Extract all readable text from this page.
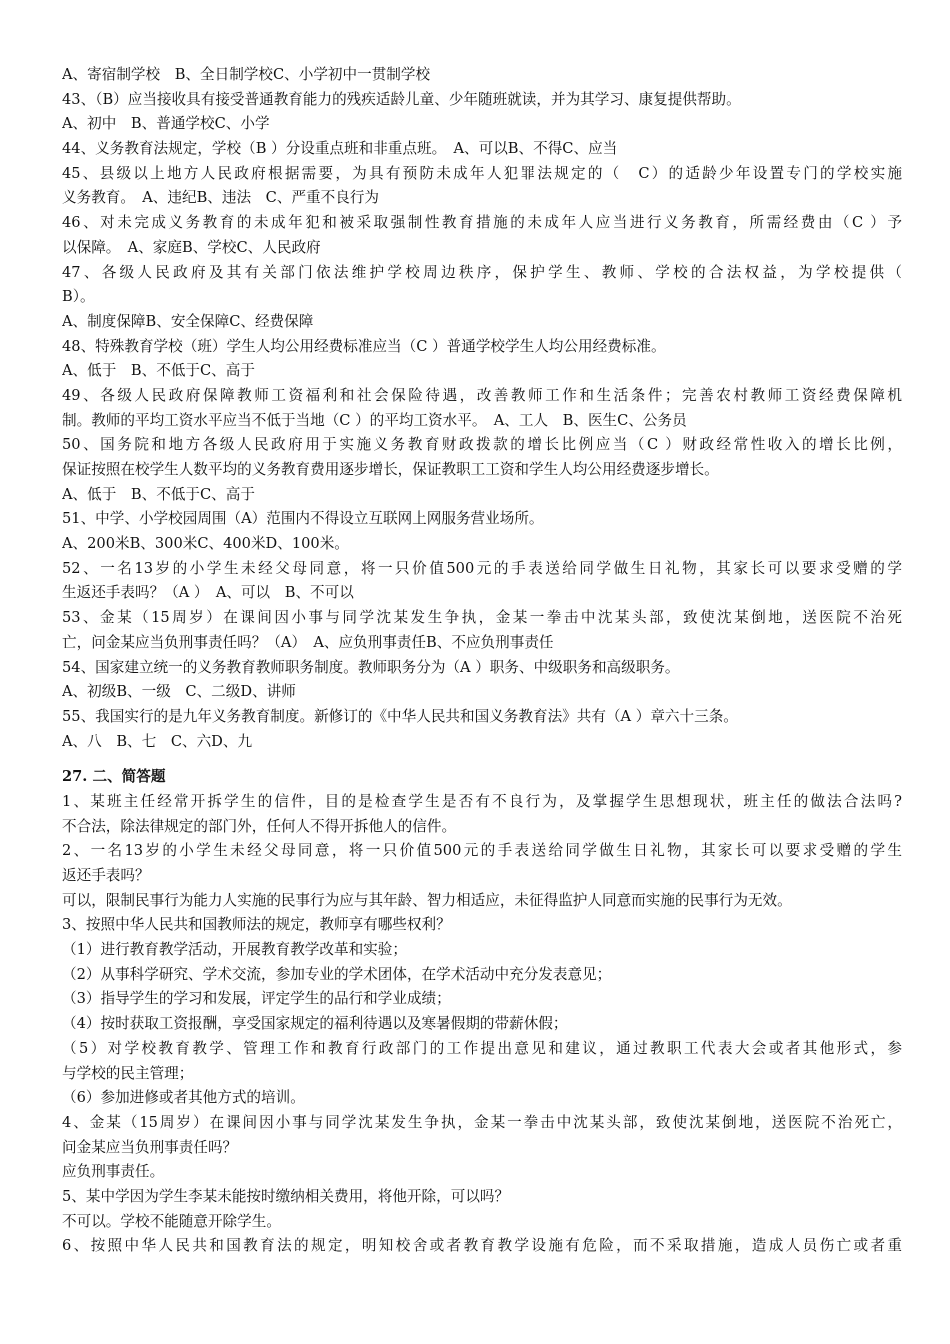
A、寄宿制学校　B、全日制学校C、小学初中一贯制学校
43、（B）应当接收具有接受普通教育能力的残疾适龄儿童、少年随班就读，并为其学习、康复提供帮助。
A、初中　B、普通学校C、小学
44、义务教育法规定，学校（B ）分设重点班和非重点班。　A、可以B、不得C、应当
45、县级以上地方人民政府根据需要，为具有预防未成年人犯罪法规定的（　C）的适龄少年设置专门的学校实施
义务教育。　A、违纪B、违法　C、严重不良行为
46、对未完成义务教育的未成年犯和被采取强制性教育措施的未成年人应当进行义务教育，所需经费由（C ）予
以保障。　A、家庭B、学校C、人民政府
47、各级人民政府及其有关部门依法维护学校周边秩序，保护学生、教师、学校的合法权益，为学校提供（
B）。
A、制度保障B、安全保障C、经费保障
48、特殊教育学校（班）学生人均公用经费标准应当（C ）普通学校学生人均公用经费标准。
A、低于　B、不低于C、高于
49、各级人民政府保障教师工资福利和社会保险待遇，改善教师工作和生活条件；完善农村教师工资经费保障机
制。教师的平均工资水平应当不低于当地（C ）的平均工资水平。　A、工人　B、医生C、公务员
50、国务院和地方各级人民政府用于实施义务教育财政拨款的增长比例应当（C ）财政经常性收入的增长比例，
保证按照在校学生人数平均的义务教育费用逐步增长，保证教职工工资和学生人均公用经费逐步增长。
A、低于　B、不低于C、高于
51、中学、小学校园周围（A）范围内不得设立互联网上网服务营业场所。
A、200米B、300米C、400米D、100米。
52、一名13岁的小学生未经父母同意，将一只价值500元的手表送给同学做生日礼物，其家长可以要求受赠的学
生返还手表吗？（A ）　A、可以　B、不可以
53、金某（15周岁）在课间因小事与同学沈某发生争执，金某一拳击中沈某头部，致使沈某倒地，送医院不治死
亡，问金某应当负刑事责任吗？（A）　A、应负刑事责任B、不应负刑事责任
54、国家建立统一的义务教育教师职务制度。教师职务分为（A ）职务、中级职务和高级职务。
A、初级B、一级　C、二级D、讲师
55、我国实行的是九年义务教育制度。新修订的《中华人民共和国义务教育法》共有（A ）章六十三条。
A、八　B、七　C、六D、九
27. 二、简答题
1、某班主任经常开拆学生的信件，目的是检查学生是否有不良行为，及掌握学生思想现状，班主任的做法合法吗?
不合法，除法律规定的部门外，任何人不得开拆他人的信件。
2、一名13岁的小学生未经父母同意，将一只价值500元的手表送给同学做生日礼物，其家长可以要求受赠的学生
返还手表吗？
可以，限制民事行为能力人实施的民事行为应与其年龄、智力相适应，未征得监护人同意而实施的民事行为无效。
3、按照中华人民共和国教师法的规定，教师享有哪些权利？
（1）进行教育教学活动，开展教育教学改革和实验；
（2）从事科学研究、学术交流，参加专业的学术团体，在学术活动中充分发表意见；
（3）指导学生的学习和发展，评定学生的品行和学业成绩；
（4）按时获取工资报酬，享受国家规定的福利待遇以及寒暑假期的带薪休假；
（5）对学校教育教学、管理工作和教育行政部门的工作提出意见和建议，通过教职工代表大会或者其他形式，参
与学校的民主管理；
（6）参加进修或者其他方式的培训。
4、金某（15周岁）在课间因小事与同学沈某发生争执，金某一拳击中沈某头部，致使沈某倒地，送医院不治死亡，
问金某应当负刑事责任吗？
应负刑事责任。
5、某中学因为学生李某未能按时缴纳相关费用，将他开除，可以吗？
不可以。学校不能随意开除学生。
6、按照中华人民共和国教育法的规定，明知校舍或者教育教学设施有危险，而不采取措施，造成人员伤亡或者重
